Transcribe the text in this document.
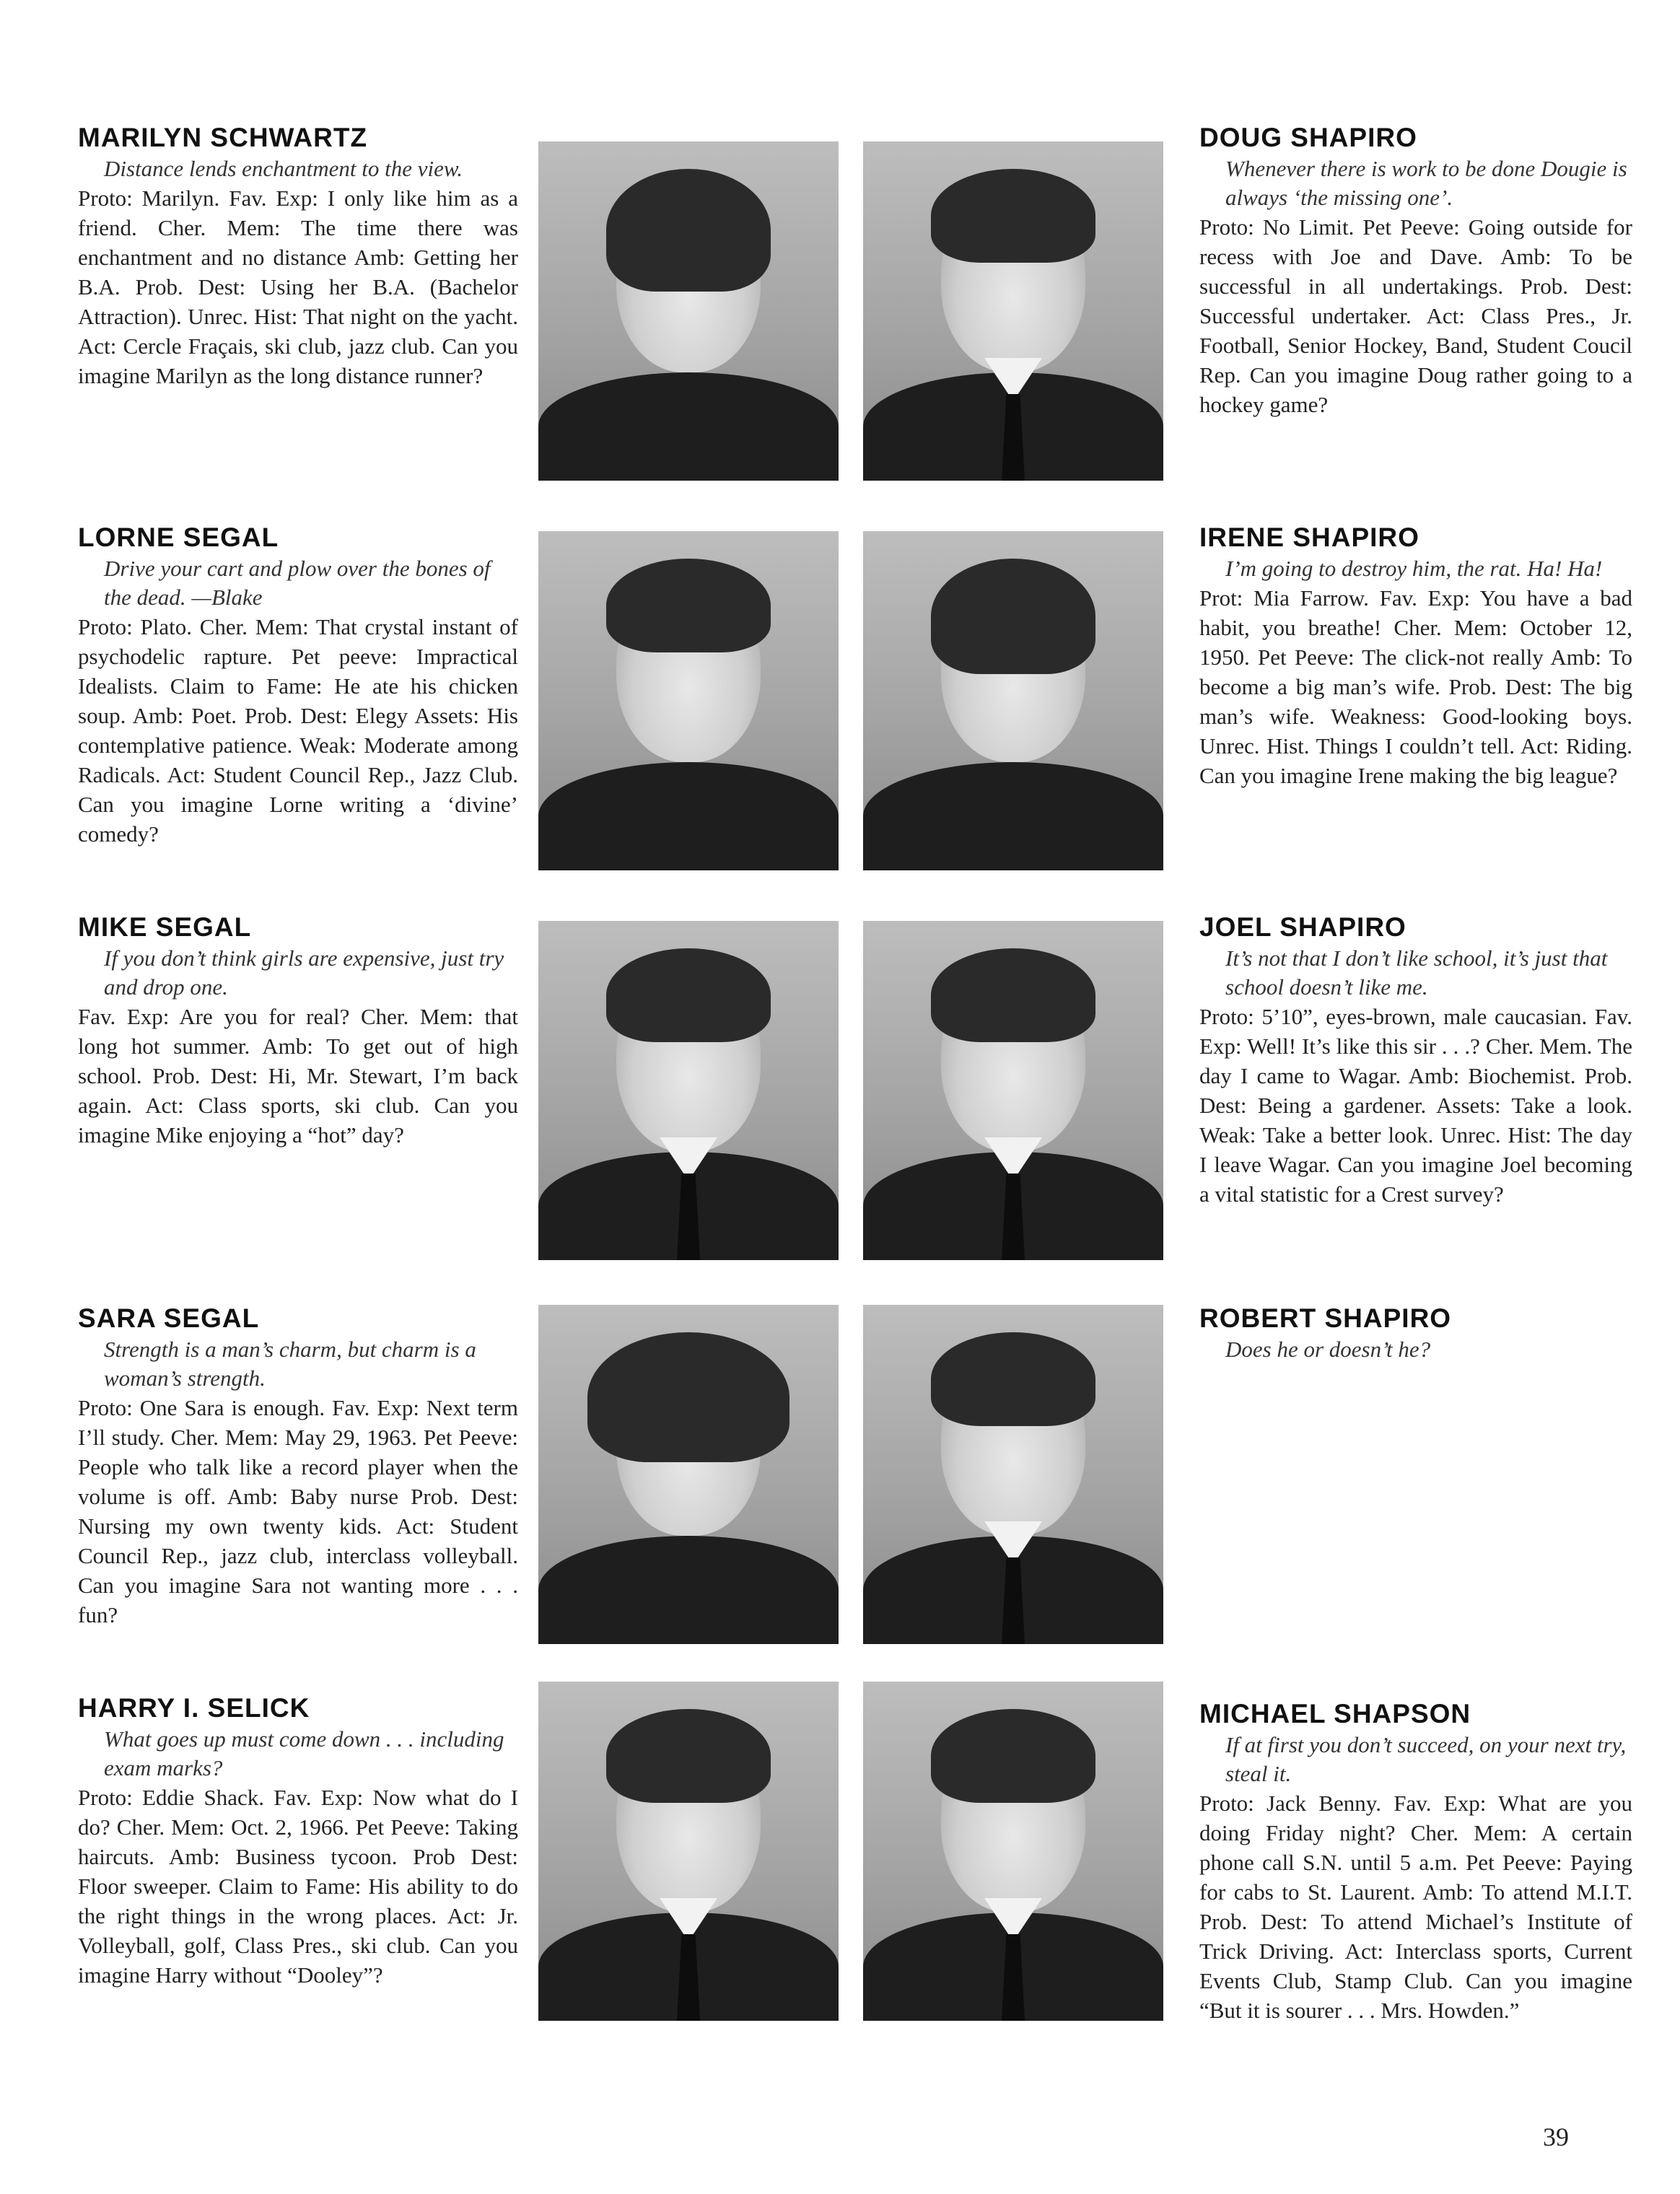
MARILYN SCHWARTZ

Distance lends enchantment to the view.

Proto: Marilyn. Fav. Exp: I only like him as a friend. Cher. Mem: The time there was enchantment and no distance Amb: Getting her B.A. Prob. Dest: Using her B.A. (Bachelor Attraction). Unrec. Hist: That night on the yacht. Act: Cercle Fraçais, ski club, jazz club. Can you imagine Marilyn as the long distance runner?

DOUG SHAPIRO

Whenever there is work to be done Dougie is always ‘the missing one’.

Proto: No Limit. Pet Peeve: Going outside for recess with Joe and Dave. Amb: To be successful in all undertakings. Prob. Dest: Successful undertaker. Act: Class Pres., Jr. Football, Senior Hockey, Band, Student Coucil Rep. Can you imagine Doug rather going to a hockey game?

LORNE SEGAL

Drive your cart and plow over the bones of the dead. —Blake

Proto: Plato. Cher. Mem: That crystal instant of psychodelic rapture. Pet peeve: Impractical Idealists. Claim to Fame: He ate his chicken soup. Amb: Poet. Prob. Dest: Elegy Assets: His contemplative patience. Weak: Moderate among Radicals. Act: Student Council Rep., Jazz Club. Can you imagine Lorne writing a ‘divine’ comedy?

IRENE SHAPIRO

I’m going to destroy him, the rat. Ha! Ha!

Prot: Mia Farrow. Fav. Exp: You have a bad habit, you breathe! Cher. Mem: October 12, 1950. Pet Peeve: The click-not really Amb: To become a big man’s wife. Prob. Dest: The big man’s wife. Weakness: Good-looking boys. Unrec. Hist. Things I couldn’t tell. Act: Riding. Can you imagine Irene making the big league?

MIKE SEGAL

If you don’t think girls are expensive, just try and drop one.

Fav. Exp: Are you for real? Cher. Mem: that long hot summer. Amb: To get out of high school. Prob. Dest: Hi, Mr. Stewart, I’m back again. Act: Class sports, ski club. Can you imagine Mike enjoying a “hot” day?

JOEL SHAPIRO

It’s not that I don’t like school, it’s just that school doesn’t like me.

Proto: 5’10”, eyes-brown, male caucasian. Fav. Exp: Well! It’s like this sir . . .? Cher. Mem. The day I came to Wagar. Amb: Biochemist. Prob. Dest: Being a gardener. Assets: Take a look. Weak: Take a better look. Unrec. Hist: The day I leave Wagar. Can you imagine Joel becoming a vital statistic for a Crest survey?

SARA SEGAL

Strength is a man’s charm, but charm is a woman’s strength.

Proto: One Sara is enough. Fav. Exp: Next term I’ll study. Cher. Mem: May 29, 1963. Pet Peeve: People who talk like a record player when the volume is off. Amb: Baby nurse Prob. Dest: Nursing my own twenty kids. Act: Student Council Rep., jazz club, interclass volleyball. Can you imagine Sara not wanting more . . . fun?

ROBERT SHAPIRO

Does he or doesn’t he?

HARRY I. SELICK

What goes up must come down . . . including exam marks?

Proto: Eddie Shack. Fav. Exp: Now what do I do? Cher. Mem: Oct. 2, 1966. Pet Peeve: Taking haircuts. Amb: Business tycoon. Prob Dest: Floor sweeper. Claim to Fame: His ability to do the right things in the wrong places. Act: Jr. Volleyball, golf, Class Pres., ski club. Can you imagine Harry without “Dooley”?

MICHAEL SHAPSON

If at first you don’t succeed, on your next try, steal it.

Proto: Jack Benny. Fav. Exp: What are you doing Friday night? Cher. Mem: A certain phone call S.N. until 5 a.m. Pet Peeve: Paying for cabs to St. Laurent. Amb: To attend M.I.T. Prob. Dest: To attend Michael’s Institute of Trick Driving. Act: Interclass sports, Current Events Club, Stamp Club. Can you imagine “But it is sourer . . . Mrs. Howden.”

39
